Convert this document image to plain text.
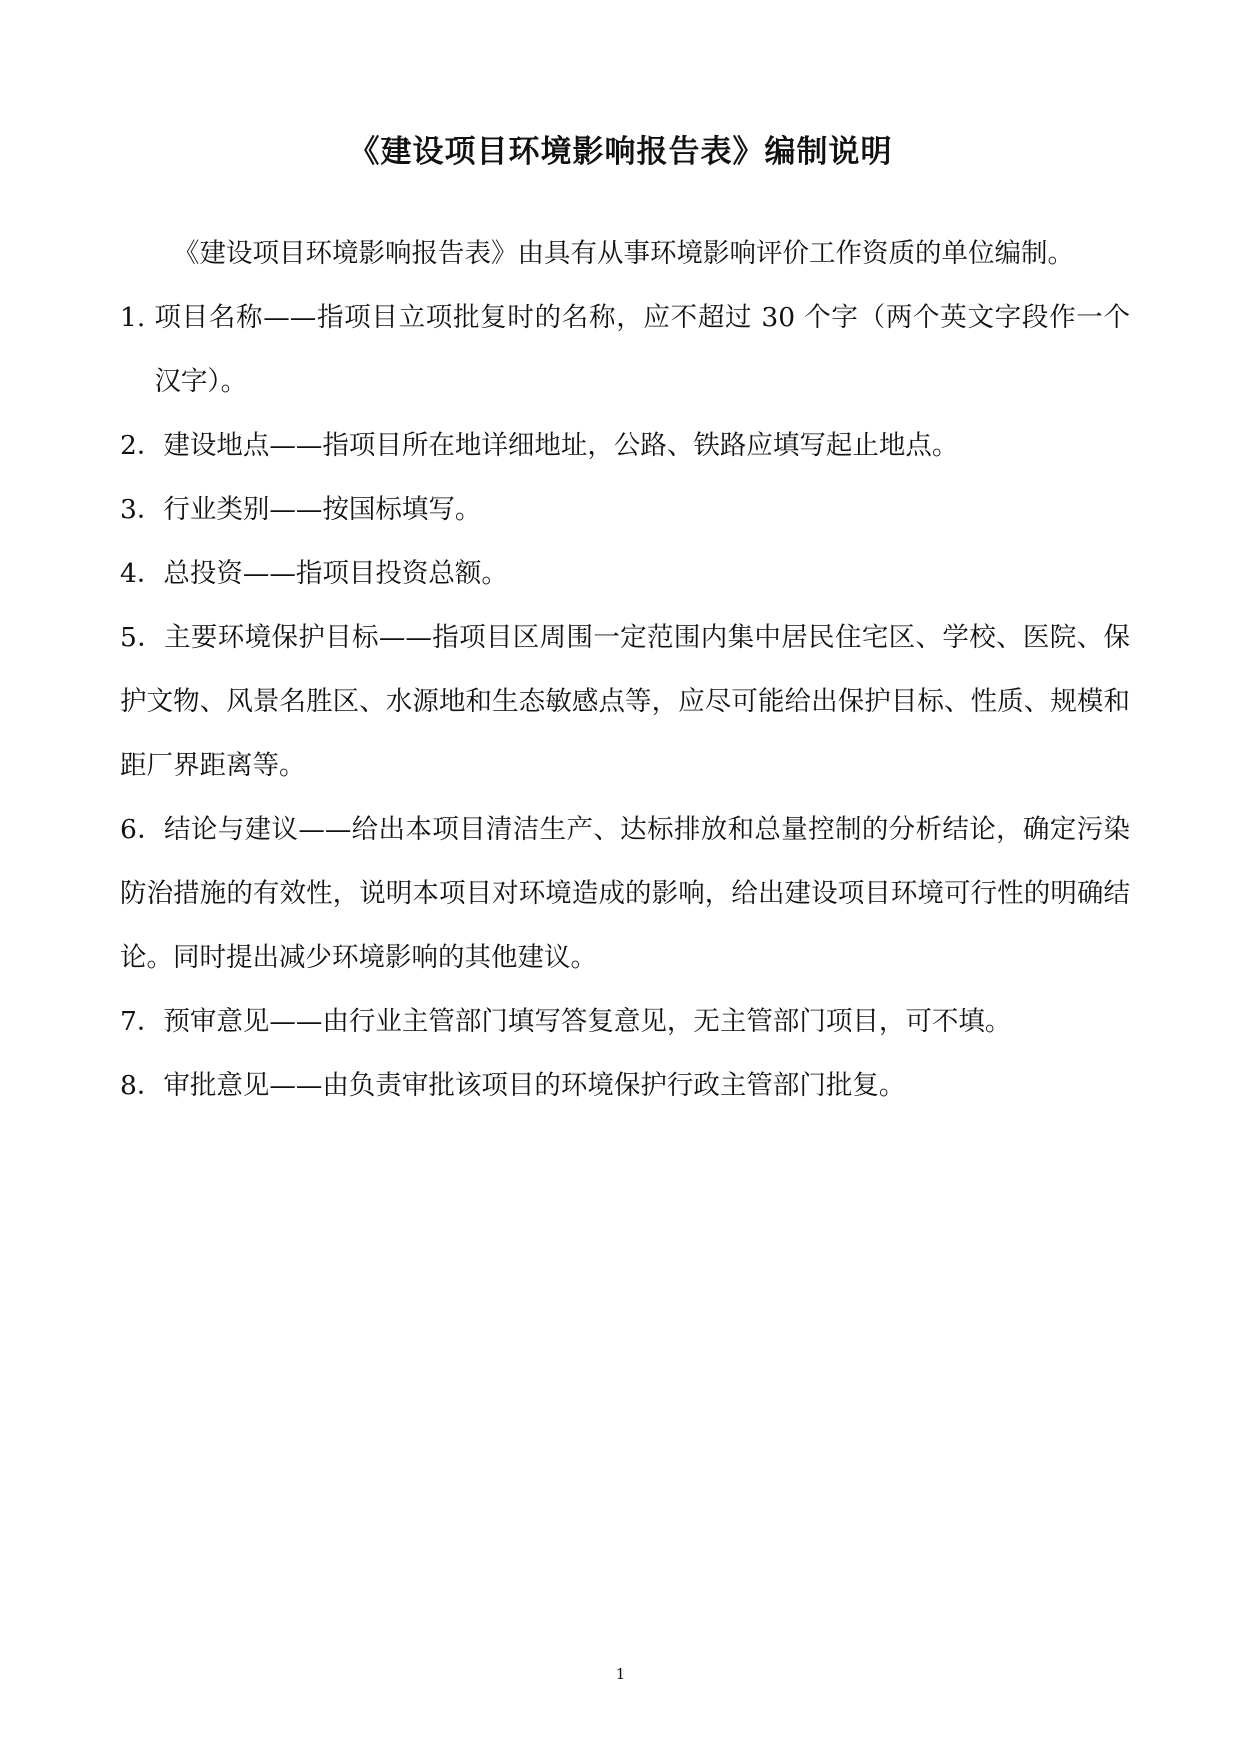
《建设项目环境影响报告表》编制说明

《建设项目环境影响报告表》由具有从事环境影响评价工作资质的单位编制。

1. 项目名称——指项目立项批复时的名称，应不超过 30 个字（两个英文字段作一个汉字）。

2．建设地点——指项目所在地详细地址，公路、铁路应填写起止地点。

3．行业类别——按国标填写。

4．总投资——指项目投资总额。

5．主要环境保护目标——指项目区周围一定范围内集中居民住宅区、学校、医院、保护文物、风景名胜区、水源地和生态敏感点等，应尽可能给出保护目标、性质、规模和距厂界距离等。

6．结论与建议——给出本项目清洁生产、达标排放和总量控制的分析结论，确定污染防治措施的有效性，说明本项目对环境造成的影响，给出建设项目环境可行性的明确结论。同时提出减少环境影响的其他建议。

7．预审意见——由行业主管部门填写答复意见，无主管部门项目，可不填。

8．审批意见——由负责审批该项目的环境保护行政主管部门批复。

1
